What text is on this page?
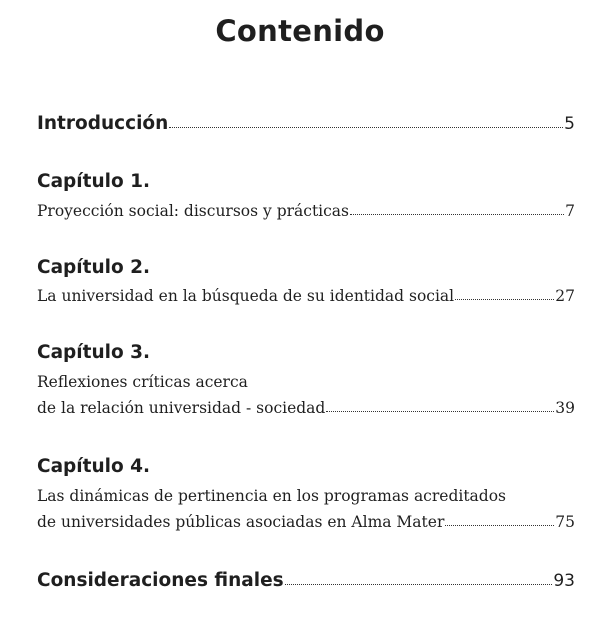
Contenido
Introducción	5
Capítulo 1.
Proyección social: discursos y prácticas	7
Capítulo 2.
La universidad en la búsqueda de su identidad social	27
Capítulo 3.
Reflexiones críticas acerca
de la relación universidad - sociedad	39
Capítulo 4.
Las dinámicas de pertinencia en los programas acreditados
de universidades públicas asociadas en Alma Mater	75
Consideraciones finales	93
